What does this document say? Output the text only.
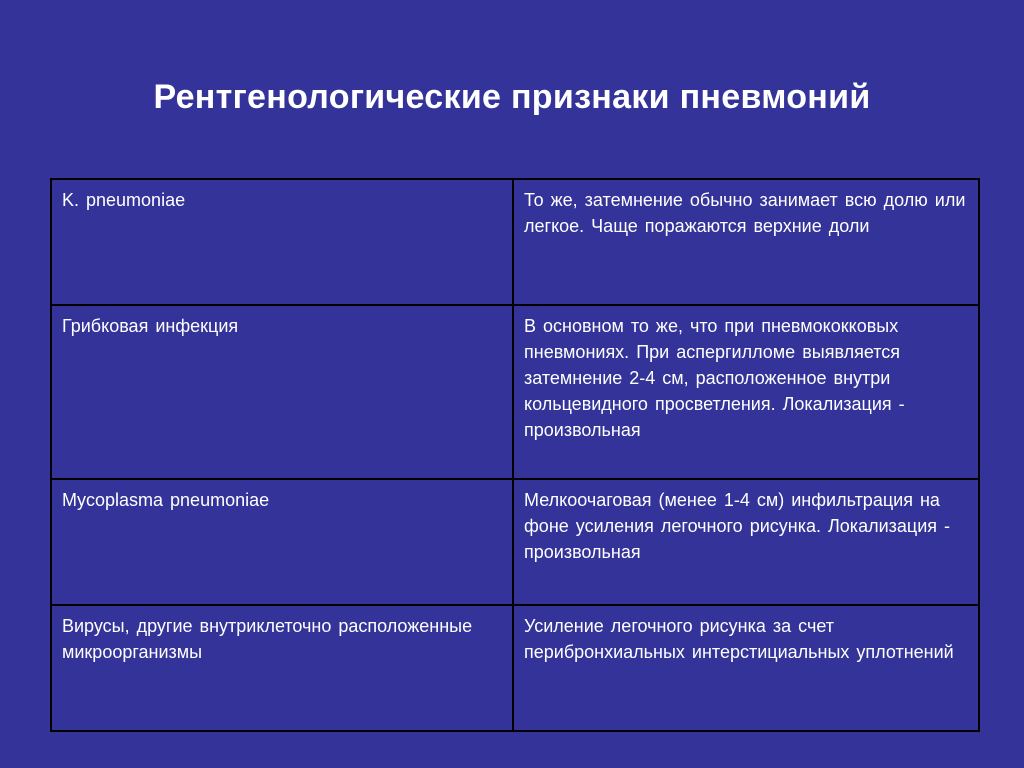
Рентгенологические признаки пневмоний
K. pneumoniae	То же, затемнение обычно занимает всю долю или легкое. Чаще поражаются верхние доли
Грибковая инфекция	В основном то же, что при пневмококковых пневмониях. При аспергилломе выявляется затемнение 2-4 см, расположенное внутри кольцевидного просветления. Локализация - произвольная
Mycoplasma pneumoniae	Мелкоочаговая (менее 1-4 см) инфильтрация на фоне усиления легочного рисунка. Локализация - произвольная
Вирусы, другие внутриклеточно расположенные микроорганизмы	Усиление легочного рисунка за счет перибронхиальных интерстициальных уплотнений
